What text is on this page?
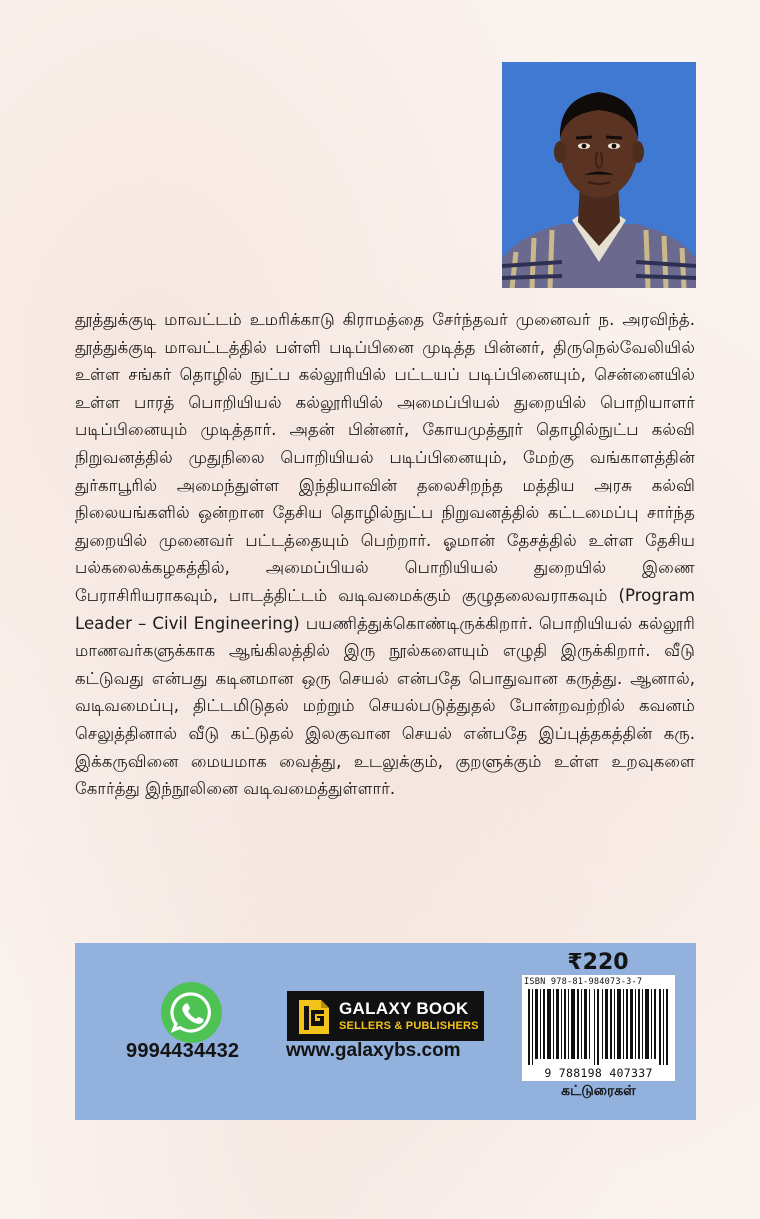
தூத்துக்குடி மாவட்டம் உமரிக்காடு கிராமத்தை சேர்ந்தவர் முனைவர் ந. அரவிந்த். தூத்துக்குடி மாவட்டத்தில் பள்ளி படிப்பினை முடித்த பின்னர், திருநெல்வேலியில் உள்ள சங்கர் தொழில் நுட்ப கல்லூரியில் பட்டயப் படிப்பினையும், சென்னையில் உள்ள பாரத் பொறியியல் கல்லூரியில் அமைப்பியல் துறையில் பொறியாளர் படிப்பினையும் முடித்தார். அதன் பின்னர், கோயமுத்தூர் தொழில்நுட்ப கல்வி நிறுவனத்தில் முதுநிலை பொறியியல் படிப்பினையும், மேற்கு வங்காளத்தின் துர்காபூரில் அமைந்துள்ள இந்தியாவின் தலைசிறந்த மத்திய அரசு கல்வி நிலையங்களில் ஒன்றான தேசிய தொழில்நுட்ப நிறுவனத்தில் கட்டமைப்பு சார்ந்த துறையில் முனைவர் பட்டத்தையும் பெற்றார். ஓமான் தேசத்தில் உள்ள தேசிய பல்கலைக்கழகத்தில், அமைப்பியல் பொறியியல் துறையில் இணை பேராசிரியராகவும், பாடத்திட்டம் வடிவமைக்கும் குழுதலைவராகவும் (Program Leader – Civil Engineering) பயணித்துக்கொண்டிருக்கிறார். பொறியியல் கல்லூரி மாணவர்களுக்காக ஆங்கிலத்தில் இரு நூல்களையும் எழுதி இருக்கிறார். வீடு கட்டுவது என்பது கடினமான ஒரு செயல் என்பதே பொதுவான கருத்து. ஆனால், வடிவமைப்பு, திட்டமிடுதல் மற்றும் செயல்படுத்துதல் போன்றவற்றில் கவனம் செலுத்தினால் வீடு கட்டுதல் இலகுவான செயல் என்பதே இப்புத்தகத்தின் கரு. இக்கருவினை மையமாக வைத்து, உடலுக்கும், குறளுக்கும் உள்ள உறவுகளை கோர்த்து இந்நூலினை வடிவமைத்துள்ளார்.

9994434432
GALAXY BOOK
SELLERS & PUBLISHERS
www.galaxybs.com
₹220
ISBN 978-81-984073-3-7
9 788198 407337
கட்டுரைகள்
